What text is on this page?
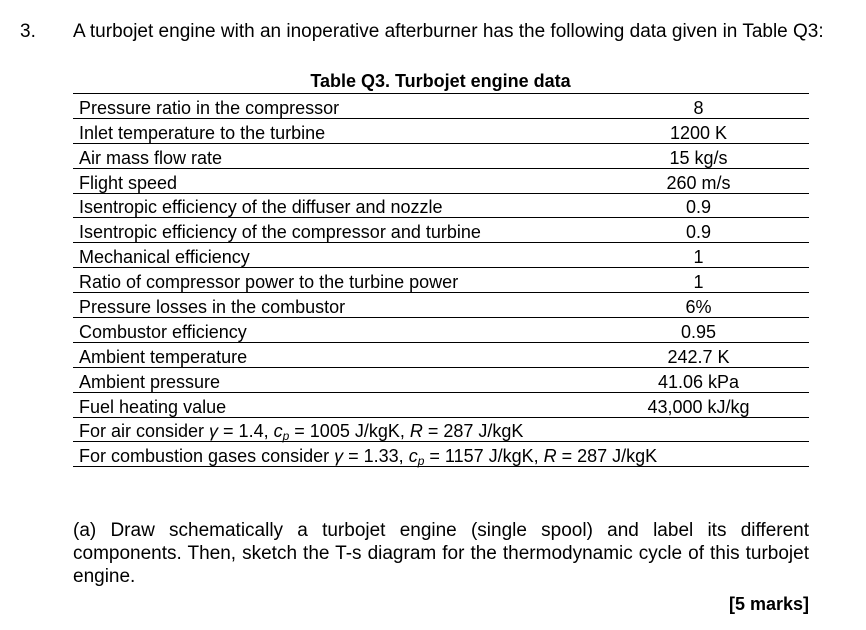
3. A turbojet engine with an inoperative afterburner has the following data given in Table Q3:
Table Q3. Turbojet engine data
Pressure ratio in the compressor	8
Inlet temperature to the turbine	1200 K
Air mass flow rate	15 kg/s
Flight speed	260 m/s
Isentropic efficiency of the diffuser and nozzle	0.9
Isentropic efficiency of the compressor and turbine	0.9
Mechanical efficiency	1
Ratio of compressor power to the turbine power	1
Pressure losses in the combustor	6%
Combustor efficiency	0.95
Ambient temperature	242.7 K
Ambient pressure	41.06 kPa
Fuel heating value	43,000 kJ/kg
For air consider γ = 1.4, $c_p = 1005$ J/kgK, R = 287 J/kgK	
For combustion gases consider γ = 1.33, $c_p = 1157$ J/kgK, R = 287 J/kgK	
(a) Draw schematically a turbojet engine (single spool) and label its different components. Then, sketch the T-s diagram for the thermodynamic cycle of this turbojet engine.
[5 marks]
